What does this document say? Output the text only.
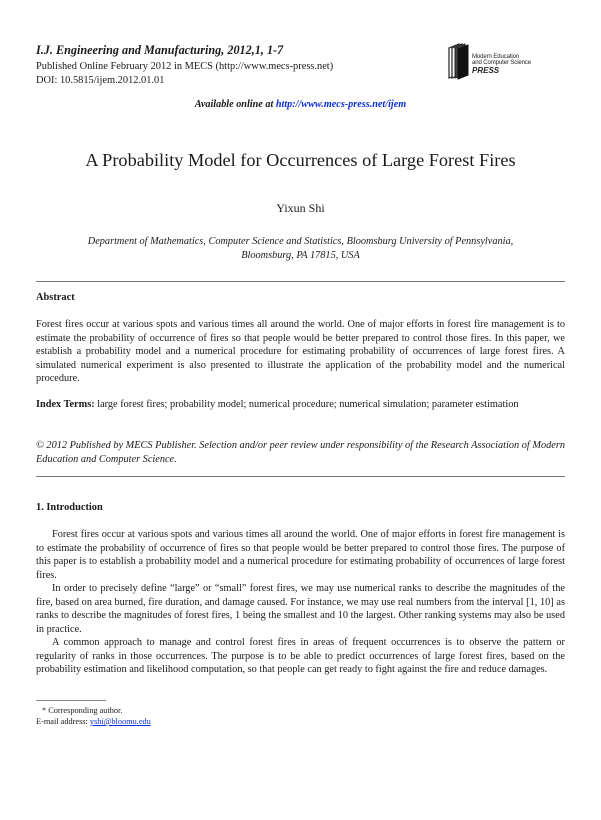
I.J. Engineering and Manufacturing, 2012,1, 1-7
Published Online February 2012 in MECS (http://www.mecs-press.net)
DOI: 10.5815/ijem.2012.01.01
Modern Education
and Computer Science
PRESS
Available online at http://www.mecs-press.net/ijem
A Probability Model for Occurrences of Large Forest Fires
Yixun Shi
Department of Mathematics, Computer Science and Statistics, Bloomsburg University of Pennsylvania,
Bloomsburg, PA 17815, USA
Abstract

Forest fires occur at various spots and various times all around the world. One of major efforts in forest fire management is to estimate the probability of occurrence of fires so that people would be better prepared to control those fires. In this paper, we establish a probability model and a numerical procedure for estimating probability of occurrences of large forest fires. A simulated numerical experiment is also presented to illustrate the application of the probability model and the numerical procedure.

Index Terms: large forest fires; probability model; numerical procedure; numerical simulation; parameter estimation

© 2012 Published by MECS Publisher. Selection and/or peer review under responsibility of the Research Association of Modern Education and Computer Science.

1. Introduction

Forest fires occur at various spots and various times all around the world. One of major efforts in forest fire management is to estimate the probability of occurrence of fires so that people would be better prepared to control those fires. The purpose of this paper is to establish a probability model and a numerical procedure for estimating probability of occurrences of large forest fires.

In order to precisely define “large” or “small” forest fires, we may use numerical ranks to describe the magnitudes of the fire, based on area burned, fire duration, and damage caused. For instance, we may use real numbers from the interval [1, 10] as ranks to describe the magnitudes of forest fires, 1 being the smallest and 10 the largest. Other ranking systems may also be used in practice.

A common approach to manage and control forest fires in areas of frequent occurrences is to observe the pattern or regularity of ranks in those occurrences. The purpose is to be able to predict occurrences of large forest fires, based on the probability estimation and likelihood computation, so that people can get ready to fight against the fire and reduce damages.

* Corresponding author.
E-mail address: yshi@bloomu.edu
